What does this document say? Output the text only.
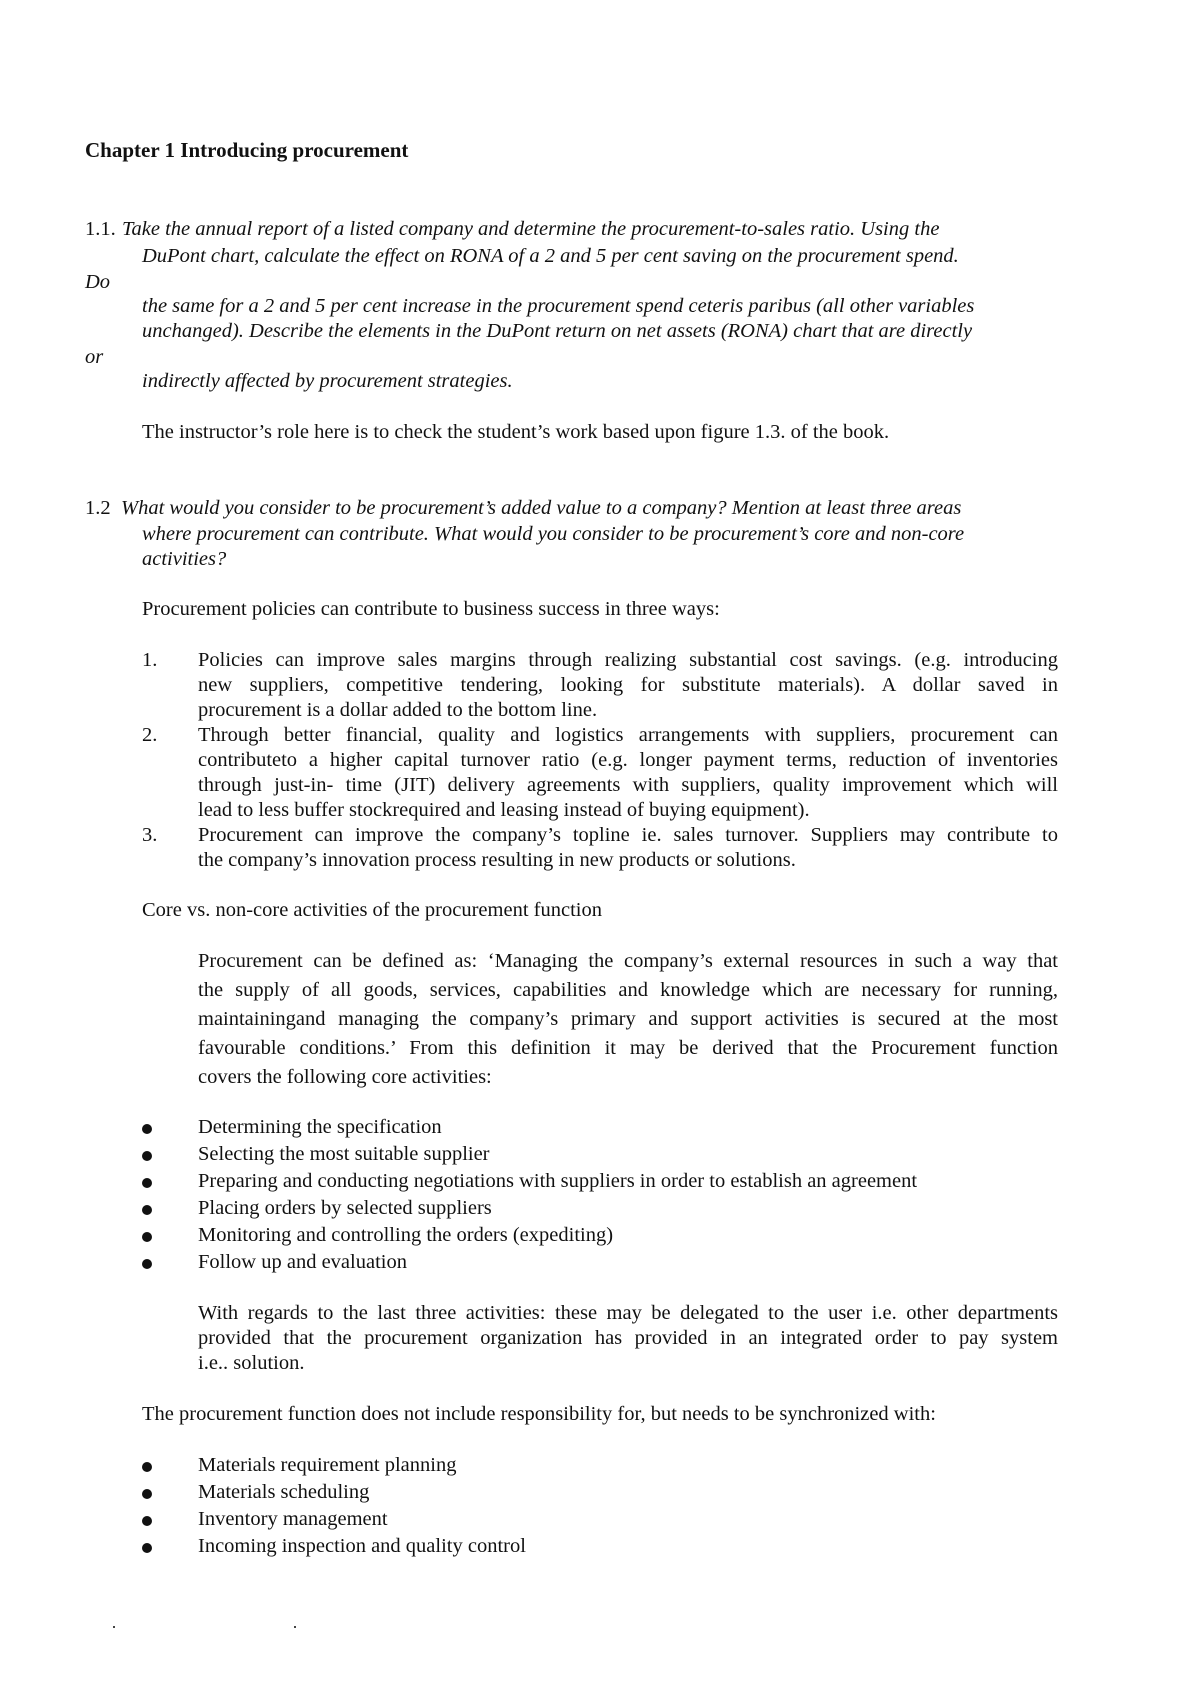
Chapter 1 Introducing procurement
1.1. Take the annual report of a listed company and determine the procurement-to-sales ratio. Using the
DuPont chart, calculate the effect on RONA of a 2 and 5 per cent saving on the procurement spend.
Do
the same for a 2 and 5 per cent increase in the procurement spend ceteris paribus (all other variables
unchanged). Describe the elements in the DuPont return on net assets (RONA) chart that are directly
or
indirectly affected by procurement strategies.
The instructor’s role here is to check the student’s work based upon figure 1.3. of the book.
1.2 What would you consider to be procurement’s added value to a company? Mention at least three areas
where procurement can contribute. What would you consider to be procurement’s core and non-core
activities?
Procurement policies can contribute to business success in three ways:
1. Policies can improve sales margins through realizing substantial cost savings. (e.g. introducing
new suppliers, competitive tendering, looking for substitute materials). A dollar saved in
procurement is a dollar added to the bottom line.
2. Through better financial, quality and logistics arrangements with suppliers, procurement can
contributeto a higher capital turnover ratio (e.g. longer payment terms, reduction of inventories
through just-in- time (JIT) delivery agreements with suppliers, quality improvement which will
lead to less buffer stockrequired and leasing instead of buying equipment).
3. Procurement can improve the company’s topline ie. sales turnover. Suppliers may contribute to
the company’s innovation process resulting in new products or solutions.
Core vs. non-core activities of the procurement function
Procurement can be defined as: ‘Managing the company’s external resources in such a way that
the supply of all goods, services, capabilities and knowledge which are necessary for running,
maintainingand managing the company’s primary and support activities is secured at the most
favourable conditions.’ From this definition it may be derived that the Procurement function
covers the following core activities:
Determining the specification
Selecting the most suitable supplier
Preparing and conducting negotiations with suppliers in order to establish an agreement
Placing orders by selected suppliers
Monitoring and controlling the orders (expediting)
Follow up and evaluation
With regards to the last three activities: these may be delegated to the user i.e. other departments
provided that the procurement organization has provided in an integrated order to pay system
i.e.. solution.
The procurement function does not include responsibility for, but needs to be synchronized with:
Materials requirement planning
Materials scheduling
Inventory management
Incoming inspection and quality control
